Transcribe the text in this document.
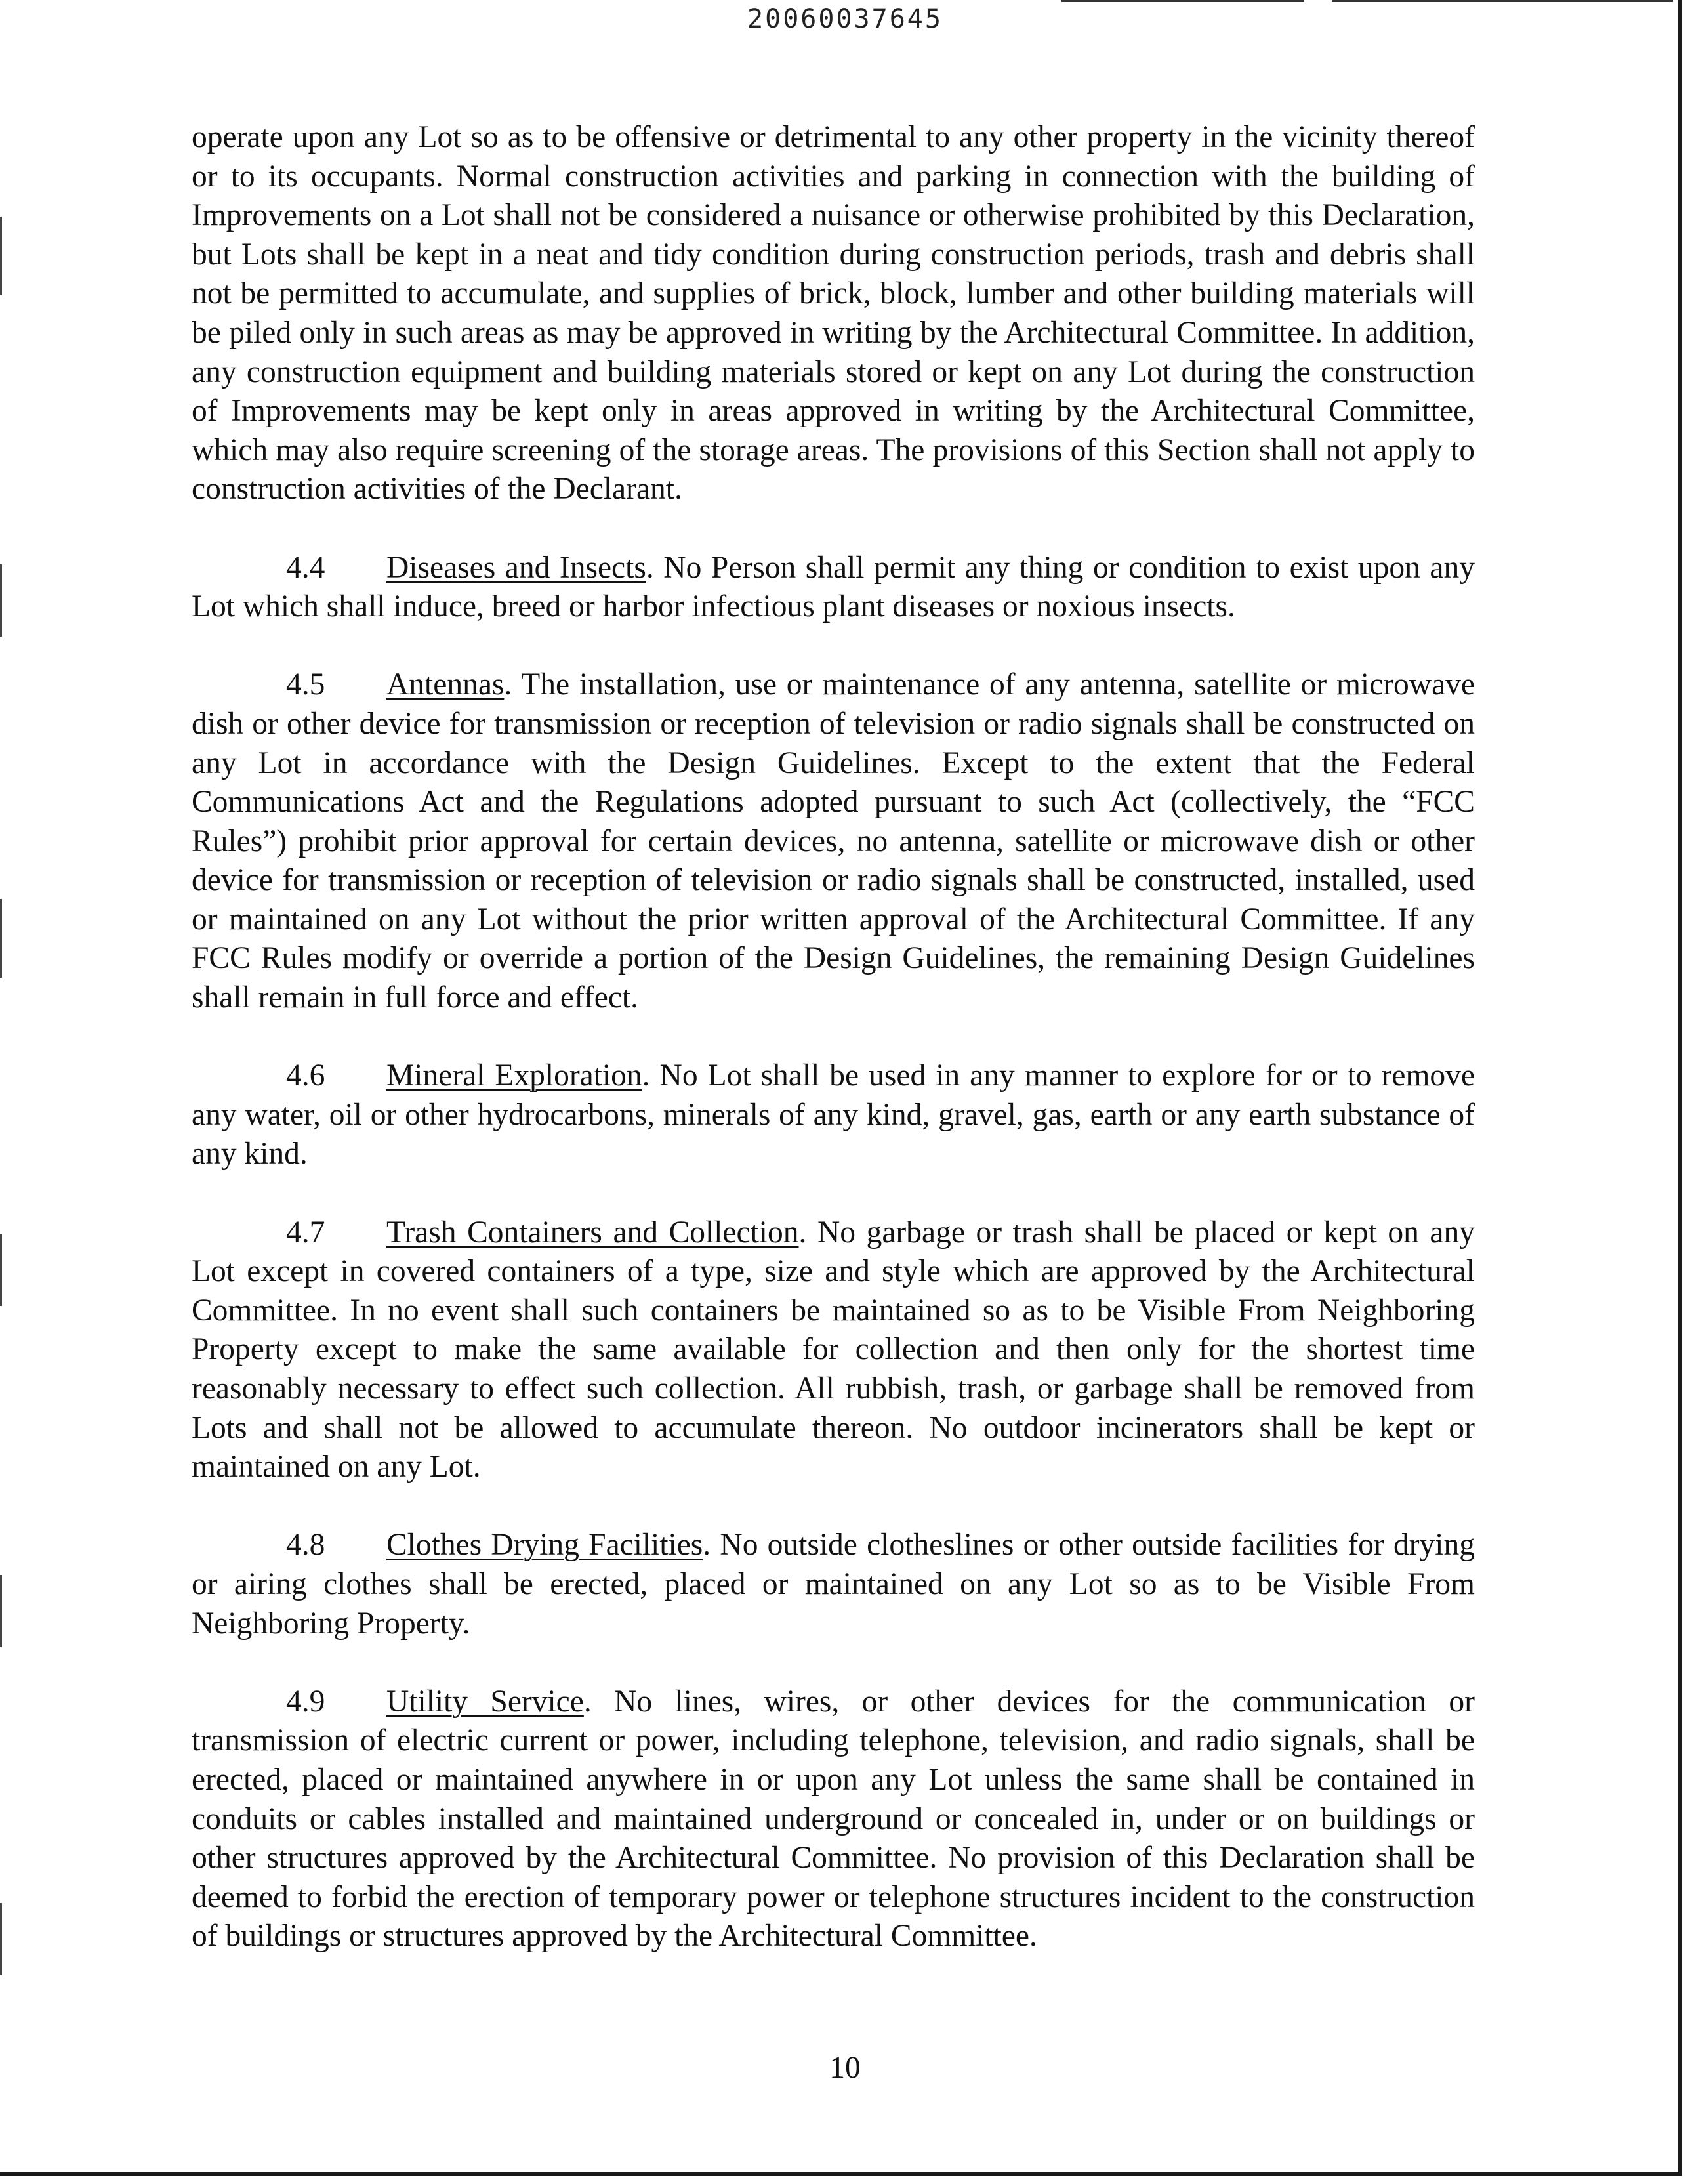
20060037645

operate upon any Lot so as to be offensive or detrimental to any other property in the vicinity thereof or to its occupants. Normal construction activities and parking in connection with the building of Improvements on a Lot shall not be considered a nuisance or otherwise prohibited by this Declaration, but Lots shall be kept in a neat and tidy condition during construction periods, trash and debris shall not be permitted to accumulate, and supplies of brick, block, lumber and other building materials will be piled only in such areas as may be approved in writing by the Architectural Committee. In addition, any construction equipment and building materials stored or kept on any Lot during the construction of Improvements may be kept only in areas approved in writing by the Architectural Committee, which may also require screening of the storage areas. The provisions of this Section shall not apply to construction activities of the Declarant.

4.4 Diseases and Insects. No Person shall permit any thing or condition to exist upon any Lot which shall induce, breed or harbor infectious plant diseases or noxious insects.

4.5 Antennas. The installation, use or maintenance of any antenna, satellite or microwave dish or other device for transmission or reception of television or radio signals shall be constructed on any Lot in accordance with the Design Guidelines. Except to the extent that the Federal Communications Act and the Regulations adopted pursuant to such Act (collectively, the “FCC Rules”) prohibit prior approval for certain devices, no antenna, satellite or microwave dish or other device for transmission or reception of television or radio signals shall be constructed, installed, used or maintained on any Lot without the prior written approval of the Architectural Committee. If any FCC Rules modify or override a portion of the Design Guidelines, the remaining Design Guidelines shall remain in full force and effect.

4.6 Mineral Exploration. No Lot shall be used in any manner to explore for or to remove any water, oil or other hydrocarbons, minerals of any kind, gravel, gas, earth or any earth substance of any kind.

4.7 Trash Containers and Collection. No garbage or trash shall be placed or kept on any Lot except in covered containers of a type, size and style which are approved by the Architectural Committee. In no event shall such containers be maintained so as to be Visible From Neighboring Property except to make the same available for collection and then only for the shortest time reasonably necessary to effect such collection. All rubbish, trash, or garbage shall be removed from Lots and shall not be allowed to accumulate thereon. No outdoor incinerators shall be kept or maintained on any Lot.

4.8 Clothes Drying Facilities. No outside clotheslines or other outside facilities for drying or airing clothes shall be erected, placed or maintained on any Lot so as to be Visible From Neighboring Property.

4.9 Utility Service. No lines, wires, or other devices for the communication or transmission of electric current or power, including telephone, television, and radio signals, shall be erected, placed or maintained anywhere in or upon any Lot unless the same shall be contained in conduits or cables installed and maintained underground or concealed in, under or on buildings or other structures approved by the Architectural Committee. No provision of this Declaration shall be deemed to forbid the erection of temporary power or telephone structures incident to the construction of buildings or structures approved by the Architectural Committee.

10
